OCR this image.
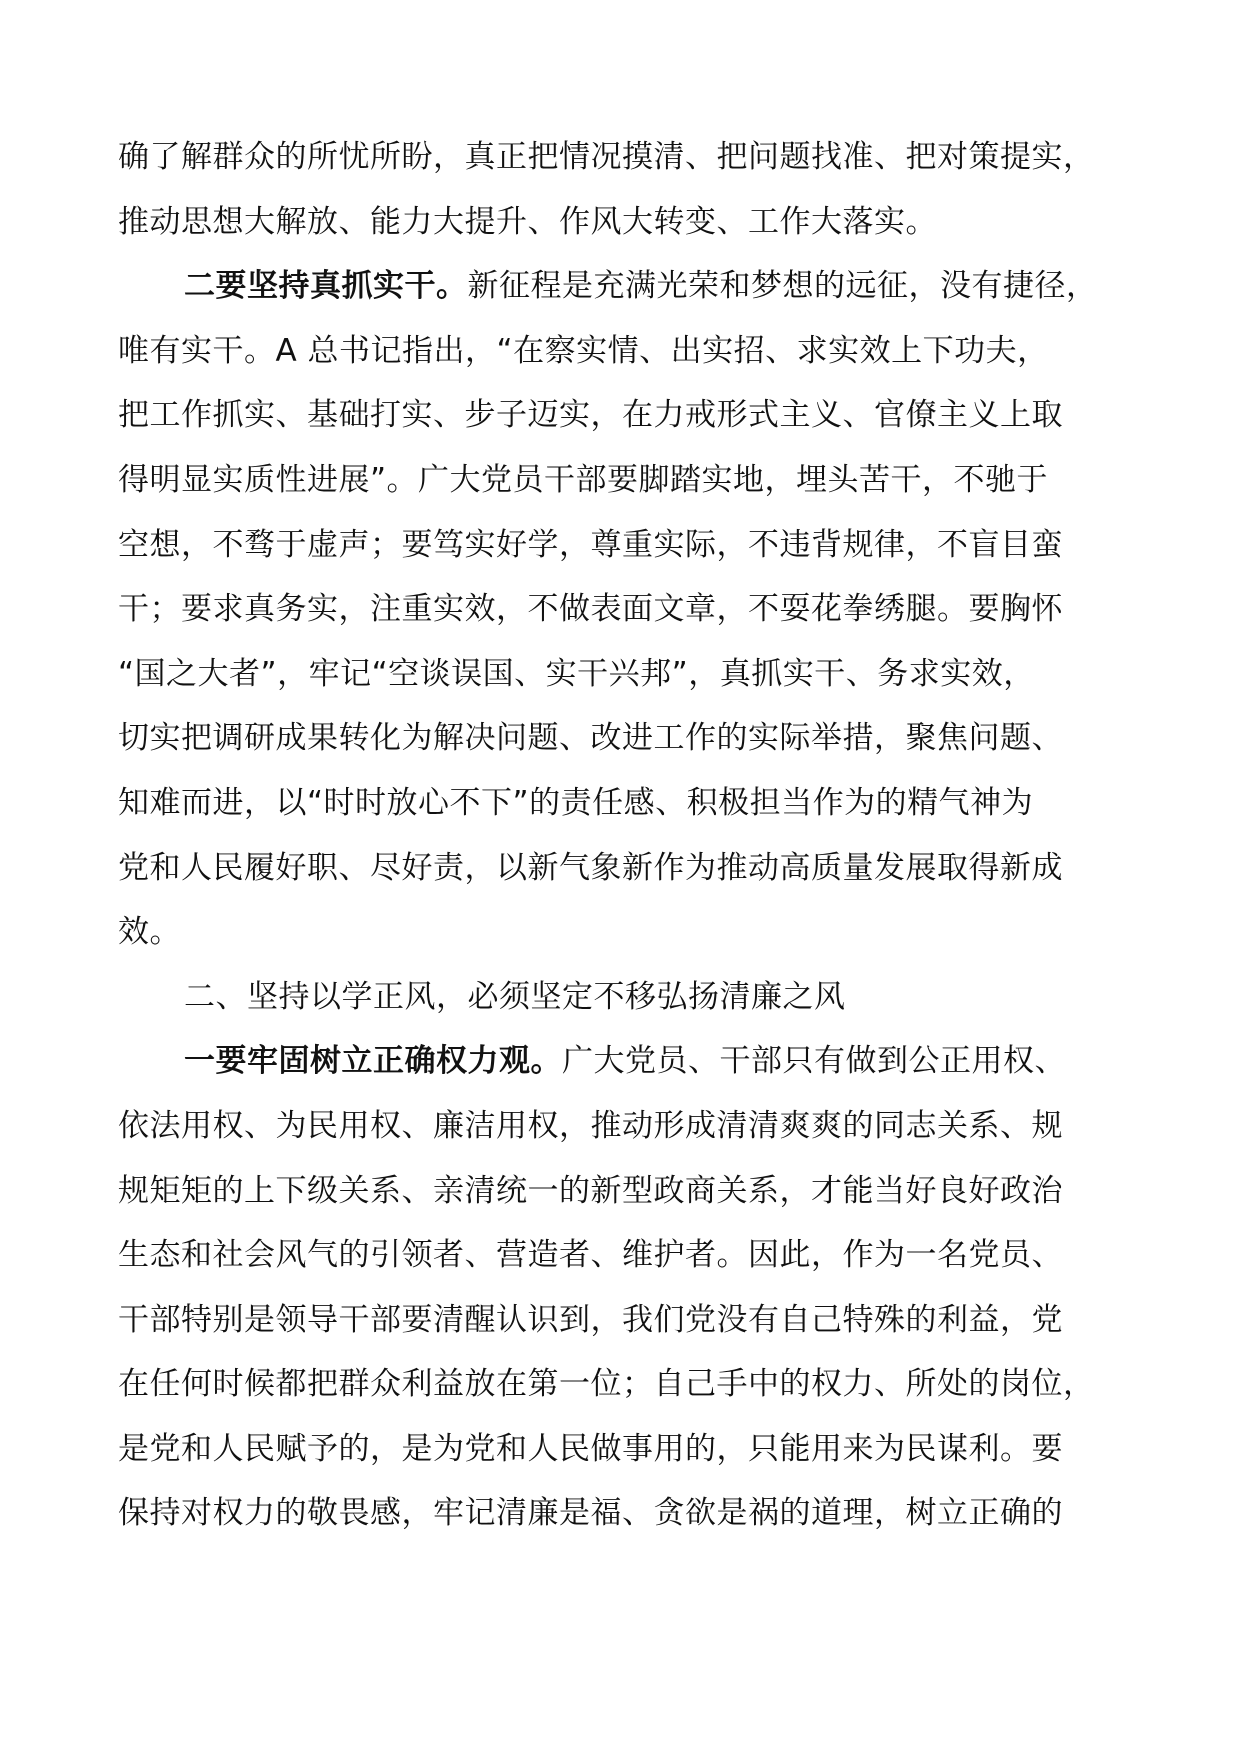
确了解群众的所忧所盼，真正把情况摸清、把问题找准、把对策提实，
推动思想大解放、能力大提升、作风大转变、工作大落实。
二要坚持真抓实干。新征程是充满光荣和梦想的远征，没有捷径，
唯有实干。A 总书记指出，“在察实情、出实招、求实效上下功夫，
把工作抓实、基础打实、步子迈实，在力戒形式主义、官僚主义上取
得明显实质性进展”。广大党员干部要脚踏实地，埋头苦干，不驰于
空想，不骛于虚声；要笃实好学，尊重实际，不违背规律，不盲目蛮
干；要求真务实，注重实效，不做表面文章，不耍花拳绣腿。要胸怀
“国之大者”，牢记“空谈误国、实干兴邦”，真抓实干、务求实效，
切实把调研成果转化为解决问题、改进工作的实际举措，聚焦问题、
知难而进，以“时时放心不下”的责任感、积极担当作为的精气神为
党和人民履好职、尽好责，以新气象新作为推动高质量发展取得新成
效。
二、坚持以学正风，必须坚定不移弘扬清廉之风
一要牢固树立正确权力观。广大党员、干部只有做到公正用权、
依法用权、为民用权、廉洁用权，推动形成清清爽爽的同志关系、规
规矩矩的上下级关系、亲清统一的新型政商关系，才能当好良好政治
生态和社会风气的引领者、营造者、维护者。因此，作为一名党员、
干部特别是领导干部要清醒认识到，我们党没有自己特殊的利益，党
在任何时候都把群众利益放在第一位；自己手中的权力、所处的岗位，
是党和人民赋予的，是为党和人民做事用的，只能用来为民谋利。要
保持对权力的敬畏感，牢记清廉是福、贪欲是祸的道理，树立正确的
